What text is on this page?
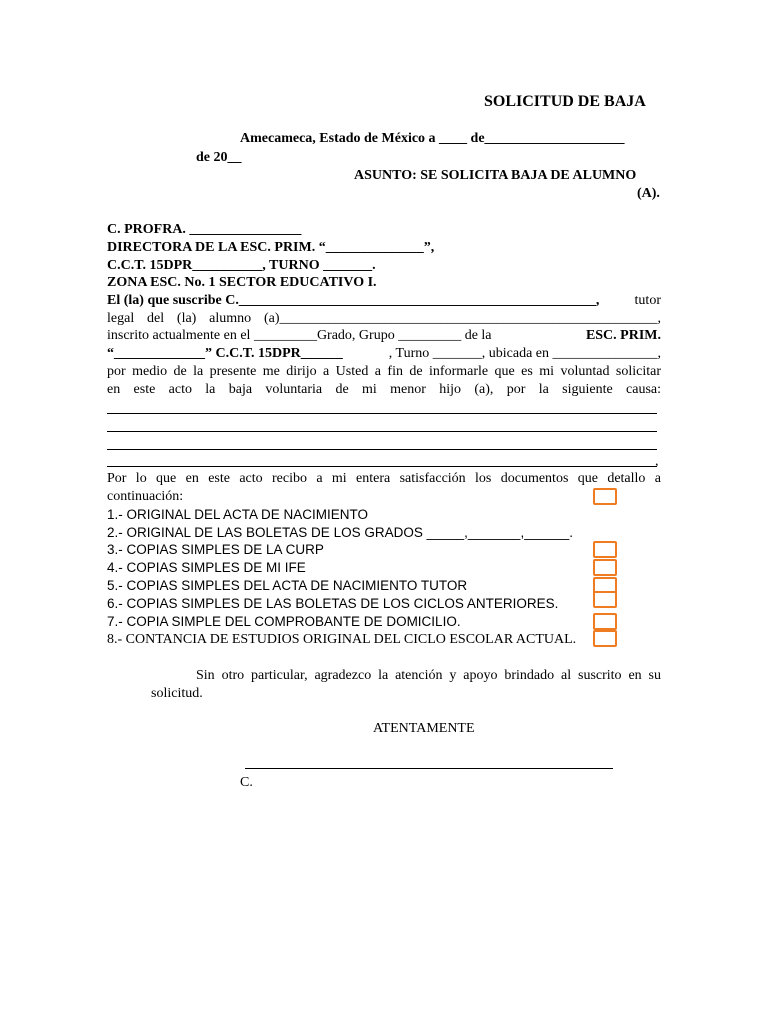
SOLICITUD DE BAJA
Amecameca, Estado de México a ____ de____________________
de 20__
ASUNTO: SE SOLICITA BAJA DE ALUMNO
(A).
C. PROFRA. ________________
DIRECTORA DE LA ESC. PRIM. “______________”,
C.C.T. 15DPR__________, TURNO _______.
ZONA ESC. No. 1 SECTOR EDUCATIVO I.
El (la) que suscribe C.___________________________________________________,	tutor
legal del (la) alumno (a)______________________________________________________,
inscrito actualmente en el _________Grado, Grupo _________ de la	ESC. PRIM.
“_____________” C.C.T. 15DPR______	, Turno _______, ubicada en _______________,
por medio de la presente me dirijo a Usted a fin de informarle que es mi voluntad solicitar
en este acto la baja voluntaria de mi menor hijo (a), por la siguiente causa:
,
Por lo que en este acto recibo a mi entera satisfacción los documentos que detallo a
continuación:
1.- ORIGINAL DEL ACTA DE NACIMIENTO
2.- ORIGINAL DE LAS BOLETAS DE LOS GRADOS _____,_______,______.
3.- COPIAS SIMPLES DE LA CURP
4.- COPIAS SIMPLES DE MI IFE
5.- COPIAS SIMPLES DEL ACTA DE NACIMIENTO TUTOR
6.- COPIAS SIMPLES DE LAS BOLETAS DE LOS CICLOS ANTERIORES.
7.- COPIA SIMPLE DEL COMPROBANTE DE DOMICILIO.
8.- CONTANCIA DE ESTUDIOS ORIGINAL DEL CICLO ESCOLAR ACTUAL.
Sin otro particular, agradezco la atención y apoyo brindado al suscrito en su
solicitud.
ATENTAMENTE
C.
